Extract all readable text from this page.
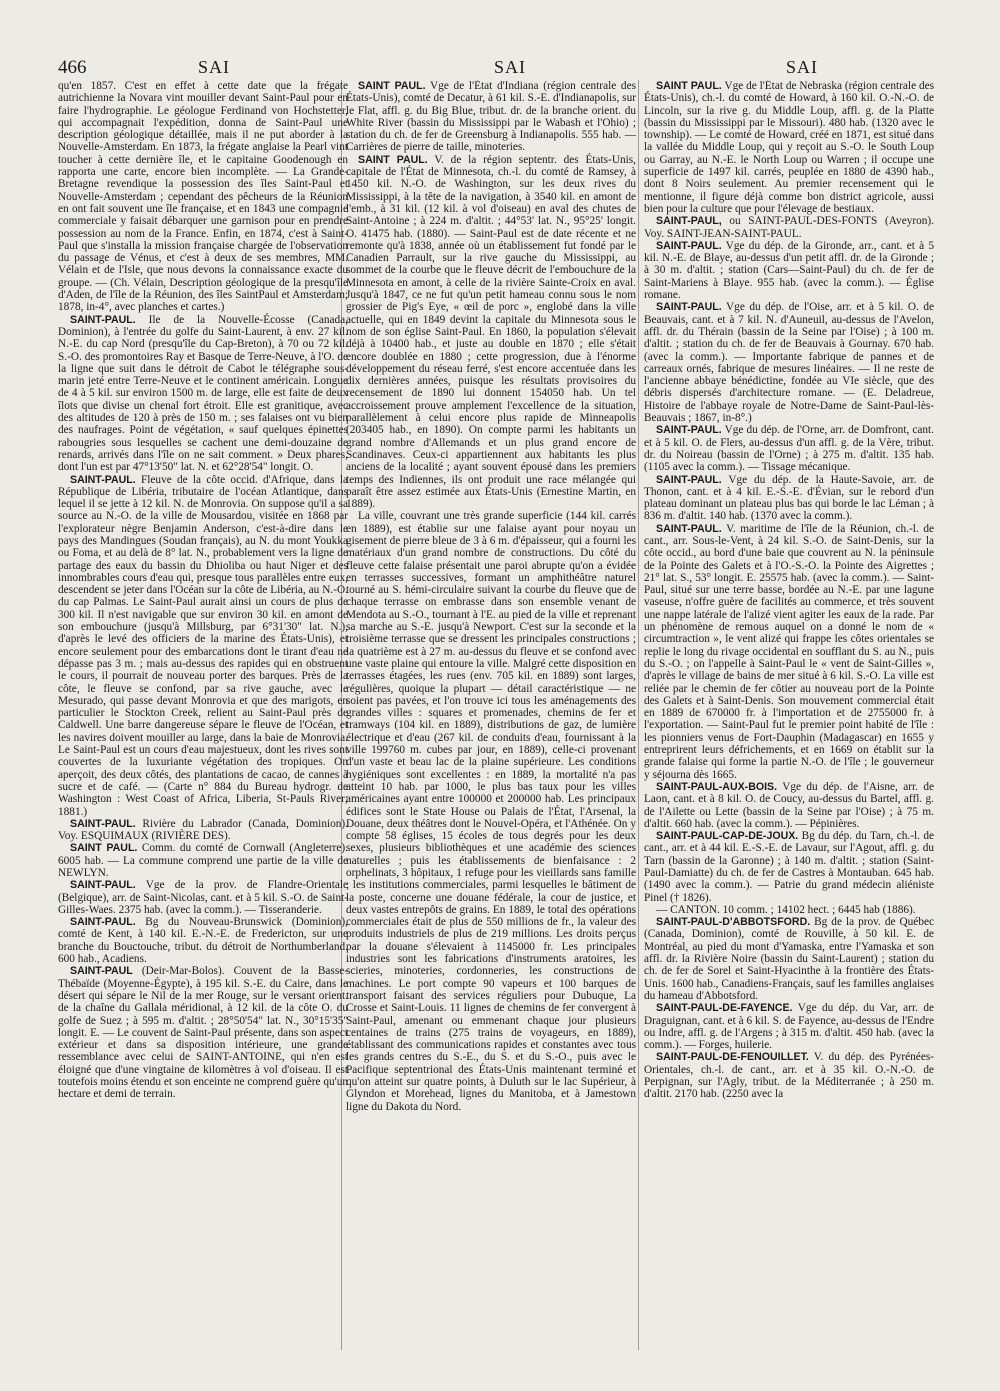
466	SAI	SAI	SAI

qu'en 1857. C'est en effet à cette date que la frégate autrichienne la Novara vint mouiller devant Saint-Paul pour en faire l'hydrographie. Le géologue Ferdinand von Hochstetter, qui accompagnait l'expédition, donna de Saint-Paul une description géologique détaillée, mais il ne put aborder à la Nouvelle-Amsterdam. En 1873, la frégate anglaise la Pearl vint toucher à cette dernière île, et le capitaine Goodenough en rapporta une carte, encore bien incomplète. — La Grande-Bretagne revendique la possession des îles Saint-Paul et Nouvelle-Amsterdam ; cependant des pêcheurs de la Réunion en ont fait souvent une île française, et en 1843 une compagnie commerciale y faisait débarquer une garnison pour en prendre possession au nom de la France. Enfin, en 1874, c'est à Saint-Paul que s'installa la mission française chargée de l'observation du passage de Vénus, et c'est à deux de ses membres, MM. Vélain et de l'Isle, que nous devons la connaissance exacte du groupe. — (Ch. Vélain, Description géologique de la presqu'île d'Aden, de l'île de la Réunion, des îles SaintPaul et Amsterdam; 1878, in-4°, avec planches et cartes.)

SAINT-PAUL. Ile de la Nouvelle-Écosse (Canada, Dominion), à l'entrée du golfe du Saint-Laurent, à env. 27 kil. N.-E. du cap Nord (presqu'île du Cap-Breton), à 70 ou 72 kil. S.-O. des promontoires Ray et Basque de Terre-Neuve, à l'O. de la ligne que suit dans le détroit de Cabot le télégraphe sous-marin jeté entre Terre-Neuve et le continent américain. Longue de 4 à 5 kil. sur environ 1500 m. de large, elle est faite de deux îlots que divise un chenal fort étroit. Elle est granitique, avec des altitudes de 120 à près de 150 m. ; ses falaises ont vu bien des naufrages. Point de végétation, « sauf quelques épinettes rabougries sous lesquelles se cachent une demi-douzaine de renards, arrivés dans l'île on ne sait comment. » Deux phares, dont l'un est par 47°13'50" lat. N. et 62°28'54" longit. O.

SAINT-PAUL. Fleuve de la côte occid. d'Afrique, dans la République de Libéria, tributaire de l'océan Atlantique, dans lequel il se jette à 12 kil. N. de Monrovia. On suppose qu'il a sa source au N.-O. de la ville de Mousardou, visitée en 1868 par l'explorateur nègre Benjamin Anderson, c'est-à-dire dans le pays des Mandingues (Soudan français), au N. du mont Youkka ou Foma, et au delà de 8° lat. N., probablement vers la ligne de partage des eaux du bassin du Dhioliba ou haut Niger et des innombrables cours d'eau qui, presque tous parallèles entre eux, descendent se jeter dans l'Océan sur la côte de Libéria, au N.-O. du cap Palmas. Le Saint-Paul aurait ainsi un cours de plus de 300 kil. Il n'est navigable que sur environ 30 kil. en amont de son embouchure (jusqu'à Millsburg, par 6°31'30" lat. N.), d'après le levé des officiers de la marine des États-Unis), et encore seulement pour des embarcations dont le tirant d'eau ne dépasse pas 3 m. ; mais au-dessus des rapides qui en obstruent le cours, il pourrait de nouveau porter des barques. Près de la côte, le fleuve se confond, par sa rive gauche, avec le Mesurado, qui passe devant Monrovia et que des marigots, en particulier le Stockton Creek, relient au Saint-Paul près de Caldwell. Une barre dangereuse sépare le fleuve de l'Océan, et les navires doivent mouiller au large, dans la baie de Monrovia. Le Saint-Paul est un cours d'eau majestueux, dont les rives sont couvertes de la luxuriante végétation des tropiques. On aperçoit, des deux côtés, des plantations de cacao, de cannes à sucre et de café. — (Carte n° 884 du Bureau hydrogr. de Washington : West Coast of Africa, Liberia, St-Pauls River; 1881.)

SAINT-PAUL. Rivière du Labrador (Canada, Dominion). Voy. ESQUIMAUX (RIVIÈRE DES).

SAINT PAUL. Comm. du comté de Cornwall (Angleterre). 6005 hab. — La commune comprend une partie de la ville de NEWLYN.

SAINT-PAUL. Vge de la prov. de Flandre-Orientale (Belgique), arr. de Saint-Nicolas, cant. et à 5 kil. S.-O. de Saint-Gilles-Waes. 2375 hab. (avec la comm.). — Tisseranderie.

SAINT-PAUL. Bg du Nouveau-Brunswick (Dominion), comté de Kent, à 140 kil. E.-N.-E. de Fredericton, sur une branche du Bouctouche, tribut. du détroit de Northumberland. 600 hab., Acadiens.

SAINT-PAUL (Deir-Mar-Bolos). Couvent de la Basse-Thébaïde (Moyenne-Égypte), à 195 kil. S.-E. du Caire, dans le désert qui sépare le Nil de la mer Rouge, sur le versant orient. de la chaîne du Gallala méridional, à 12 kil. de la côte O. du golfe de Suez ; à 595 m. d'altit. ; 28°50'54" lat. N., 30°15'35" longit. E. — Le couvent de Saint-Paul présente, dans son aspect extérieur et dans sa disposition intérieure, une grande ressemblance avec celui de SAINT-ANTOINE, qui n'en est éloigné que d'une vingtaine de kilomètres à vol d'oiseau. Il est toutefois moins étendu et son enceinte ne comprend guère qu'un hectare et demi de terrain.

SAINT PAUL. Vge de l'État d'Indiana (région centrale des États-Unis), comté de Decatur, à 61 kil. S.-E. d'Indianapolis, sur le Flat, affl. g. du Big Blue, tribut. dr. de la branche orient. du White River (bassin du Mississippi par le Wabash et l'Ohio) ; station du ch. de fer de Greensburg à Indianapolis. 555 hab. — Carrières de pierre de taille, minoteries.

SAINT PAUL. V. de la région septentr. des États-Unis, capitale de l'État de Minnesota, ch.-l. du comté de Ramsey, à 1450 kil. N.-O. de Washington, sur les deux rives du Mississippi, à la tête de la navigation, à 3540 kil. en amont de l'emb., à 31 kil. (12 kil. à vol d'oiseau) en aval des chutes de Saint-Antoine ; à 224 m. d'altit. ; 44°53' lat. N., 95°25' longit. O. 41475 hab. (1880). — Saint-Paul est de date récente et ne remonte qu'à 1838, année où un établissement fut fondé par le Canadien Parrault, sur la rive gauche du Mississippi, au sommet de la courbe que le fleuve décrit de l'embouchure de la Minnesota en amont, à celle de la rivière Sainte-Croix en aval. Jusqu'à 1847, ce ne fut qu'un petit hameau connu sous le nom grossier de Pig's Eye, « œil de porc », englobé dans la ville actuelle, qui en 1849 devint la capitale du Minnesota sous le nom de son église Saint-Paul. En 1860, la population s'élevait déjà à 10400 hab., et juste au double en 1870 ; elle s'était encore doublée en 1880 ; cette progression, due à l'énorme développement du réseau ferré, s'est encore accentuée dans les dix dernières années, puisque les résultats provisoires du recensement de 1890 lui donnent 154050 hab. Un tel accroissement prouve amplement l'excellence de la situation, parallèlement à celui encore plus rapide de Minneapolis (203405 hab., en 1890). On compte parmi les habitants un grand nombre d'Allemands et un plus grand encore de Scandinaves. Ceux-ci appartiennent aux habitants les plus anciens de la localité ; ayant souvent épousé dans les premiers temps des Indiennes, ils ont produit une race mélangée qui paraît être assez estimée aux États-Unis (Ernestine Martin, en 1889).

La ville, couvrant une très grande superficie (144 kil. carrés en 1889), est établie sur une falaise ayant pour noyau un gisement de pierre bleue de 3 à 6 m. d'épaisseur, qui a fourni les matériaux d'un grand nombre de constructions. Du côté du fleuve cette falaise présentait une paroi abrupte qu'on a évidée en terrasses successives, formant un amphithéâtre naturel tourné au S. hémi-circulaire suivant la courbe du fleuve que de chaque terrasse on embrasse dans son ensemble venant de Mendota au S.-O., tournant à l'E. au pied de la ville et reprenant sa marche au S.-E. jusqu'à Newport. C'est sur la seconde et la troisième terrasse que se dressent les principales constructions ; la quatrième est à 27 m. au-dessus du fleuve et se confond avec une vaste plaine qui entoure la ville. Malgré cette disposition en terrasses étagées, les rues (env. 705 kil. en 1889) sont larges, régulières, quoique la plupart — détail caractéristique — ne soient pas pavées, et l'on trouve ici tous les aménagements des grandes villes : squares et promenades, chemins de fer et tramways (104 kil. en 1889), distributions de gaz, de lumière électrique et d'eau (267 kil. de conduits d'eau, fournissant à la ville 199760 m. cubes par jour, en 1889), celle-ci provenant d'un vaste et beau lac de la plaine supérieure. Les conditions hygiéniques sont excellentes : en 1889, la mortalité n'a pas atteint 10 hab. par 1000, le plus bas taux pour les villes américaines ayant entre 100000 et 200000 hab. Les principaux édifices sont le State House ou Palais de l'État, l'Arsenal, la Douane, deux théâtres dont le Nouvel-Opéra, et l'Athénée. On y compte 58 églises, 15 écoles de tous degrés pour les deux sexes, plusieurs bibliothèques et une académie des sciences naturelles ; puis les établissements de bienfaisance : 2 orphelinats, 3 hôpitaux, 1 refuge pour les vieillards sans famille ; les institutions commerciales, parmi lesquelles le bâtiment de la poste, concerne une douane fédérale, la cour de justice, et deux vastes entrepôts de grains. En 1889, le total des opérations commerciales était de plus de 550 millions de fr., la valeur des produits industriels de plus de 219 millions. Les droits perçus par la douane s'élevaient à 1145000 fr. Les principales industries sont les fabrications d'instruments aratoires, les scieries, minoteries, cordonneries, les constructions de machines. Le port compte 90 vapeurs et 100 barques de transport faisant des services réguliers pour Dubuque, La Crosse et Saint-Louis. 11 lignes de chemins de fer convergent à Saint-Paul, amenant ou emmenant chaque jour plusieurs centaines de trains (275 trains de voyageurs, en 1889), établissant des communications rapides et constantes avec tous les grands centres du S.-E., du S. et du S.-O., puis avec le Pacifique septentrional des États-Unis maintenant terminé et qu'on atteint sur quatre points, à Duluth sur le lac Supérieur, à Glyndon et Morehead, lignes du Manitoba, et à Jamestown ligne du Dakota du Nord.

SAINT PAUL. Vge de l'État de Nebraska (région centrale des États-Unis), ch.-l. du comté de Howard, à 160 kil. O.-N.-O. de Lincoln, sur la rive g. du Middle Loup, affl. g. de la Platte (bassin du Mississippi par le Missouri). 480 hab. (1320 avec le township). — Le comté de Howard, créé en 1871, est situé dans la vallée du Middle Loup, qui y reçoit au S.-O. le South Loup ou Garray, au N.-E. le North Loup ou Warren ; il occupe une superficie de 1497 kil. carrés, peuplée en 1880 de 4390 hab., dont 8 Noirs seulement. Au premier recensement qui le mentionne, il figure déjà comme bon district agricole, aussi bien pour la culture que pour l'élevage de bestiaux.

SAINT-PAUL, ou SAINT-PAUL-DES-FONTS (Aveyron). Voy. SAINT-JEAN-SAINT-PAUL.

SAINT-PAUL. Vge du dép. de la Gironde, arr., cant. et à 5 kil. N.-E. de Blaye, au-dessus d'un petit affl. dr. de la Gironde ; à 30 m. d'altit. ; station (Cars—Saint-Paul) du ch. de fer de Saint-Mariens à Blaye. 955 hab. (avec la comm.). — Église romane.

SAINT-PAUL. Vge du dép. de l'Oise, arr. et à 5 kil. O. de Beauvais, cant. et à 7 kil. N. d'Auneuil, au-dessus de l'Avelon, affl. dr. du Thérain (bassin de la Seine par l'Oise) ; à 100 m. d'altit. ; station du ch. de fer de Beauvais à Gournay. 670 hab. (avec la comm.). — Importante fabrique de pannes et de carreaux ornés, fabrique de mesures linéaires. — Il ne reste de l'ancienne abbaye bénédictine, fondée au VIe siècle, que des débris dispersés d'architecture romane. — (E. Deladreue, Histoire de l'abbaye royale de Notre-Dame de Saint-Paul-lès-Beauvais ; 1867, in-8°.)

SAINT-PAUL. Vge du dép. de l'Orne, arr. de Domfront, cant. et à 5 kil. O. de Flers, au-dessus d'un affl. g. de la Vère, tribut. dr. du Noireau (bassin de l'Orne) ; à 275 m. d'altit. 135 hab. (1105 avec la comm.). — Tissage mécanique.

SAINT-PAUL. Vge du dép. de la Haute-Savoie, arr. de Thonon, cant. et à 4 kil. E.-S.-E. d'Évian, sur le rebord d'un plateau dominant un plateau plus bas qui borde le lac Léman ; à 836 m. d'altit. 140 hab. (1370 avec la comm.).

SAINT-PAUL. V. maritime de l'île de la Réunion, ch.-l. de cant., arr. Sous-le-Vent, à 24 kil. S.-O. de Saint-Denis, sur la côte occid., au bord d'une baie que couvrent au N. la péninsule de la Pointe des Galets et à l'O.-S.-O. la Pointe des Aigrettes ; 21° lat. S., 53° longit. E. 25575 hab. (avec la comm.). — Saint-Paul, situé sur une terre basse, bordée au N.-E. par une lagune vaseuse, n'offre guère de facilités au commerce, et très souvent une nappe latérale de l'alizé vient agiter les eaux de la rade. Par un phénomène de remous auquel on a donné le nom de « circumtraction », le vent alizé qui frappe les côtes orientales se replie le long du rivage occidental en soufflant du S. au N., puis du S.-O. ; on l'appelle à Saint-Paul le « vent de Saint-Gilles », d'après le village de bains de mer situé à 6 kil. S.-O. La ville est reliée par le chemin de fer côtier au nouveau port de la Pointe des Galets et à Saint-Denis. Son mouvement commercial était en 1889 de 670000 fr. à l'importation et de 2755000 fr. à l'exportation. — Saint-Paul fut le premier point habité de l'île : les pionniers venus de Fort-Dauphin (Madagascar) en 1655 y entreprirent leurs défrichements, et en 1669 on établit sur la grande falaise qui forme la partie N.-O. de l'île ; le gouverneur y séjourna dès 1665.

SAINT-PAUL-AUX-BOIS. Vge du dép. de l'Aisne, arr. de Laon, cant. et à 8 kil. O. de Coucy, au-dessus du Bartel, affl. g. de l'Ailette ou Lette (bassin de la Seine par l'Oise) ; à 75 m. d'altit. 660 hab. (avec la comm.). — Pépinières.

SAINT-PAUL-CAP-DE-JOUX. Bg du dép. du Tarn, ch.-l. de cant., arr. et à 44 kil. E.-S.-E. de Lavaur, sur l'Agout, affl. g. du Tarn (bassin de la Garonne) ; à 140 m. d'altit. ; station (Saint-Paul-Damiatte) du ch. de fer de Castres à Montauban. 645 hab. (1490 avec la comm.). — Patrie du grand médecin aliéniste Pinel († 1826).

— CANTON. 10 comm. ; 14102 hect. ; 6445 hab (1886).

SAINT-PAUL-D'ABBOTSFORD. Bg de la prov. de Québec (Canada, Dominion), comté de Rouville, à 50 kil. E. de Montréal, au pied du mont d'Yamaska, entre l'Yamaska et son affl. dr. la Rivière Noire (bassin du Saint-Laurent) ; station du ch. de fer de Sorel et Saint-Hyacinthe à la frontière des États-Unis. 1600 hab., Canadiens-Français, sauf les familles anglaises du hameau d'Abbotsford.

SAINT-PAUL-DE-FAYENCE. Vge du dép. du Var, arr. de Draguignan, cant. et à 6 kil. S. de Fayence, au-dessus de l'Endre ou Indre, affl. g. de l'Argens ; à 315 m. d'altit. 450 hab. (avec la comm.). — Forges, huilerie.

SAINT-PAUL-DE-FENOUILLET. V. du dép. des Pyrénées-Orientales, ch.-l. de cant., arr. et à 35 kil. O.-N.-O. de Perpignan, sur l'Agly, tribut. de la Méditerranée ; à 250 m. d'altit. 2170 hab. (2250 avec la
